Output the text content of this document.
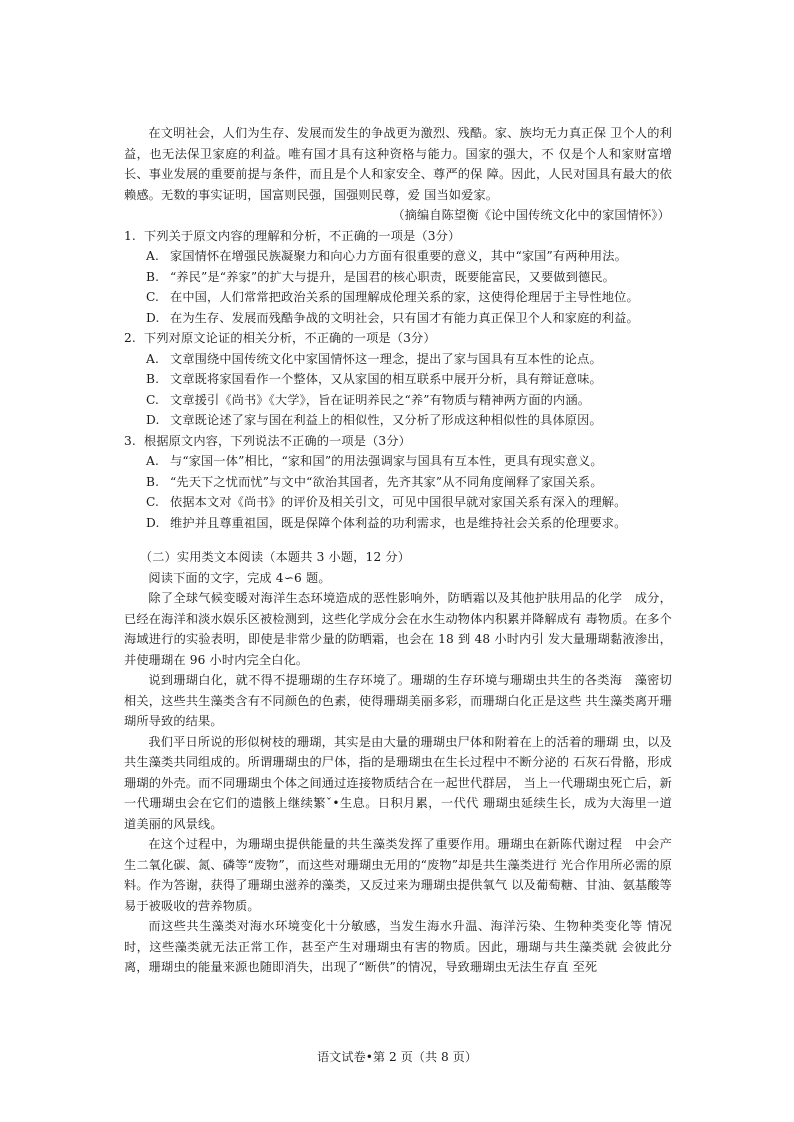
在文明社会，人们为生存、发展而发生的争战更为激烈、残酷。家、族均无力真正保 卫个人的利益，也无法保卫家庭的利益。唯有国才具有这种资格与能力。国家的强大，不 仅是个人和家财富增长、事业发展的重要前提与条件，而且是个人和家安全、尊严的保 障。因此，人民对国具有最大的依赖感。无数的事实证明，国富则民强，国强则民尊，爱 国当如爱家。

（摘编自陈望衡《论中国传统文化中的家国情怀》）

1. 下列关于原文内容的理解和分析，不正确的一项是（3分）
A. 家国情怀在增强民族凝聚力和向心力方面有很重要的意义，其中“家国”有两种用法。
B. “养民”是“养家”的扩大与提升，是国君的核心职责，既要能富民，又要做到德民。
C. 在中国，人们常常把政治关系的国理解成伦理关系的家，这使得伦理居于主导性地位。
D. 在为生存、发展而残酷争战的文明社会，只有国才有能力真正保卫个人和家庭的利益。
2. 下列对原文论证的相关分析，不正确的一项是（3分）
A. 文章围绕中国传统文化中家国情怀这一理念，提出了家与国具有互本性的论点。
B. 文章既将家国看作一个整体，又从家国的相互联系中展开分析，具有辩证意味。
C. 文章援引《尚书》《大学》，旨在证明养民之“养”有物质与精神两方面的内涵。
D. 文章既论述了家与国在利益上的相似性，又分析了形成这种相似性的具体原因。
3. 根据原文内容，下列说法不正确的一项是（3分）
A. 与“家国一体”相比，“家和国”的用法强调家与国具有互本性，更具有现实意义。
B. “先天下之忧而忧”与文中“欲治其国者，先齐其家”从不同角度阐释了家国关系。
C. 依据本文对《尚书》的评价及相关引文，可见中国很早就对家国关系有深入的理解。
D. 维护并且尊重祖国，既是保障个体利益的功利需求，也是维持社会关系的伦理要求。

（二）实用类文本阅读（本题共 3 小题，12 分）

阅读下面的文字，完成 4∽6 题。

除了全球气候变暖对海洋生态环境造成的恶性影响外，防晒霜以及其他护肤用品的化学　成分，已经在海洋和淡水娱乐区被检测到，这些化学成分会在水生动物体内积累并降解成有 毒物质。在多个海域进行的实验表明，即使是非常少量的防晒霜，也会在 18 到 48 小时内引 发大量珊瑚黏液渗出，并使珊瑚在 96 小时内完全白化。

说到珊瑚白化，就不得不提珊瑚的生存环境了。珊瑚的生存环境与珊瑚虫共生的各类海　藻密切相关，这些共生藻类含有不同颜色的色素，使得珊瑚美丽多彩，而珊瑚白化正是这些 共生藻类离开珊瑚所导致的结果。

我们平日所说的形似树枝的珊瑚，其实是由大量的珊瑚虫尸体和附着在上的活着的珊瑚 虫，以及共生藻类共同组成的。所谓珊瑚虫的尸体，指的是珊瑚虫在生长过程中不断分泌的 石灰石骨骼，形成珊瑚的外壳。而不同珊瑚虫个体之间通过连接物质结合在一起世代群居， 当上一代珊瑚虫死亡后，新一代珊瑚虫会在它们的遗骸上继续繁ˇ•生息。日积月累，一代代 珊瑚虫延续生长，成为大海里一道道美丽的风景线。

在这个过程中，为珊瑚虫提供能量的共生藻类发挥了重要作用。珊瑚虫在新陈代谢过程　中会产生二氧化碳、氮、磷等“废物”，而这些对珊瑚虫无用的“废物”却是共生藻类进行 光合作用所必需的原料。作为答谢，获得了珊瑚虫滋养的藻类，又反过来为珊瑚虫提供氧气 以及葡萄糖、甘油、氨基酸等易于被吸收的营养物质。

而这些共生藻类对海水环境变化十分敏感，当发生海水升温、海洋污染、生物种类变化等 情况时，这些藻类就无法正常工作，甚至产生对珊瑚虫有害的物质。因此，珊瑚与共生藻类就 会彼此分离，珊瑚虫的能量来源也随即消失，出现了“断供”的情况，导致珊瑚虫无法生存直 至死

语文试卷•第 2 页（共 8 页）
